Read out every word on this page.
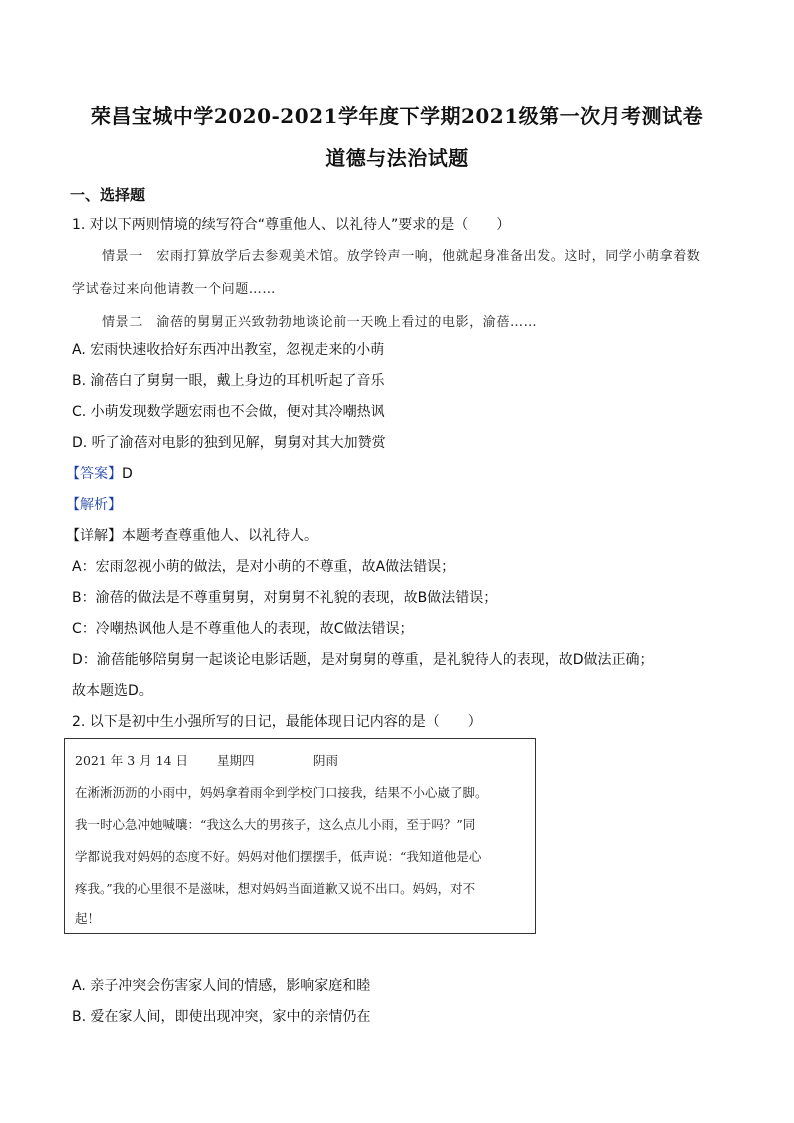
荣昌宝城中学2020-2021学年度下学期2021级第一次月考测试卷
道德与法治试题
一、选择题
1. 对以下两则情境的续写符合“尊重他人、以礼待人”要求的是（　　）
情景一　宏雨打算放学后去参观美术馆。放学铃声一响，他就起身准备出发。这时，同学小萌拿着数
学试卷过来向他请教一个问题……
情景二　渝蓓的舅舅正兴致勃勃地谈论前一天晚上看过的电影，渝蓓……
A. 宏雨快速收拾好东西冲出教室，忽视走来的小萌
B. 渝蓓白了舅舅一眼，戴上身边的耳机听起了音乐
C. 小萌发现数学题宏雨也不会做，便对其冷嘲热讽
D. 听了渝蓓对电影的独到见解，舅舅对其大加赞赏
【答案】D
【解析】
【详解】本题考查尊重他人、以礼待人。
A：宏雨忽视小萌的做法，是对小萌的不尊重，故A做法错误；
B：渝蓓的做法是不尊重舅舅，对舅舅不礼貌的表现，故B做法错误；
C：冷嘲热讽他人是不尊重他人的表现，故C做法错误；
D：渝蓓能够陪舅舅一起谈论电影话题，是对舅舅的尊重，是礼貌待人的表现，故D做法正确；
故本题选D。
2. 以下是初中生小强所写的日记，最能体现日记内容的是（　　）
2021 年 3 月 14 日 星期四	阴雨
在淅淅沥沥的小雨中，妈妈拿着雨伞到学校门口接我，结果不小心崴了脚。
我一时心急冲她喊嚷：“我这么大的男孩子，这么点儿小雨，至于吗？”同
学都说我对妈妈的态度不好。妈妈对他们摆摆手，低声说：“我知道他是心
疼我。”我的心里很不是滋味，想对妈妈当面道歉又说不出口。妈妈，对不
起！
A. 亲子冲突会伤害家人间的情感，影响家庭和睦
B. 爱在家人间，即使出现冲突，家中的亲情仍在
